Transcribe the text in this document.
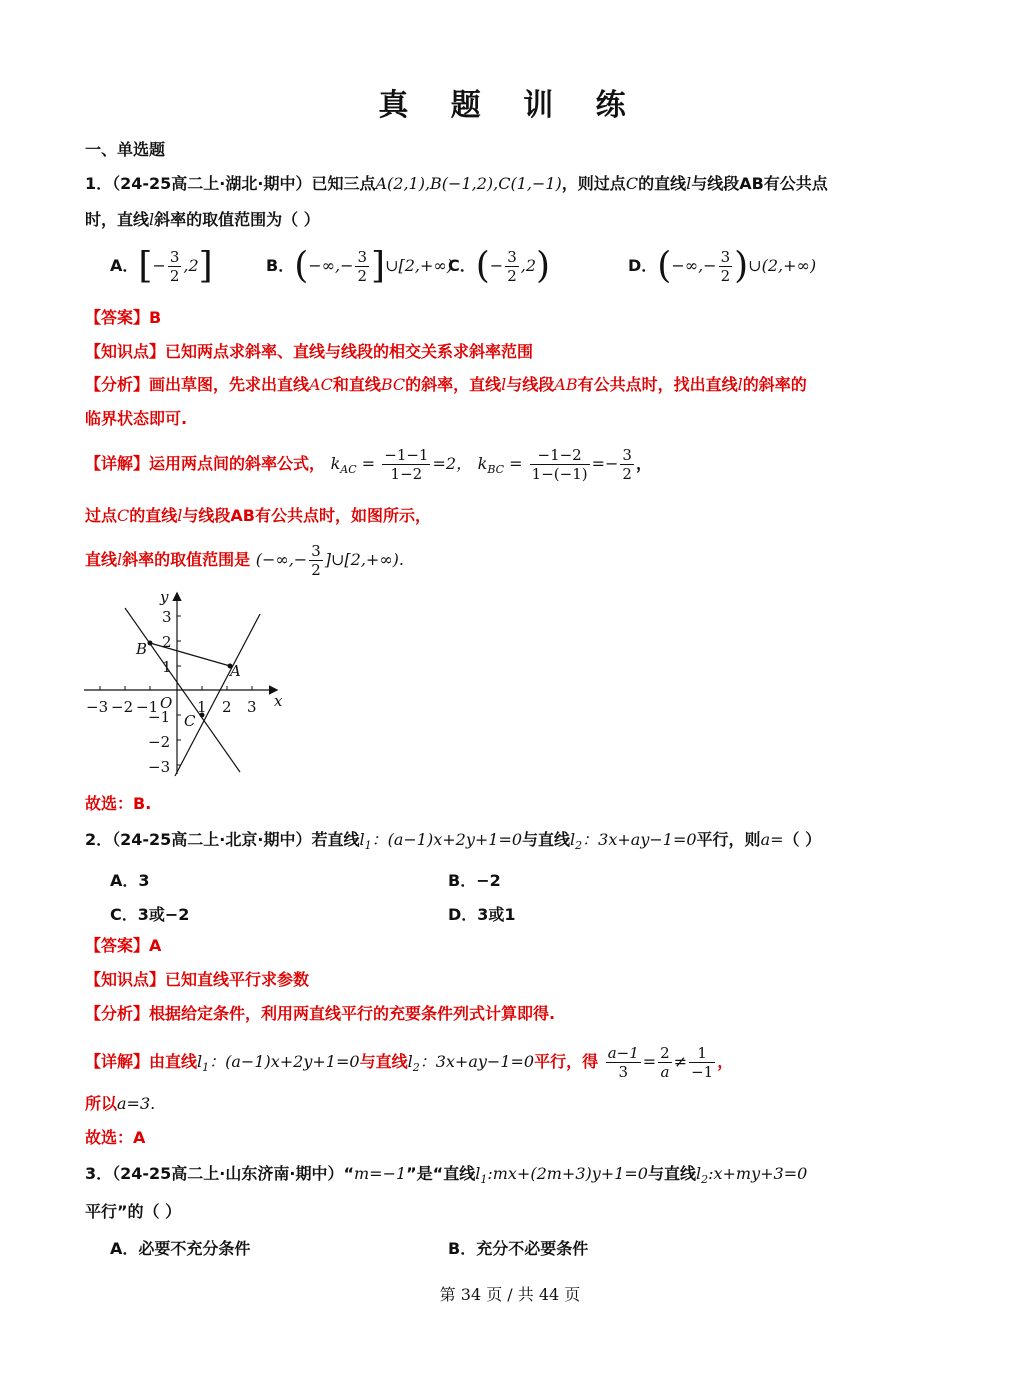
真 题 训 练
一、单选题
1．（24-25高二上·湖北·期中）已知三点A(2,1),B(−1,2),C(1,−1)，则过点C的直线l与线段AB有公共点
时，直线l斜率的取值范围为（ ）
A．[− $\frac{3}{2} ,2$]	B．(−∞,− $\frac{3}{2}$ ]∪[2,+∞)
C．(− $\frac{3}{2} ,2$)	D．(−∞,− $\frac{3}{2}$ )∪(2,+∞)
【答案】B
【知识点】已知两点求斜率、直线与线段的相交关系求斜率范围
【分析】画出草图，先求出直线AC和直线BC的斜率，直线l与线段AB有公共点时，找出直线l的斜率的
临界状态即可.
【详解】运用两点间的斜率公式， $k_{AC} = \frac{-1-1}{1-2} =2$， $k_{BC} = \frac{-1-2}{1-(-1)} =- \frac{3}{2}$ ，
过点C的直线l与线段AB有公共点时，如图所示，
直线l斜率的取值范围是 (−∞,− $\frac{3}{2}$ ]∪[2,+∞).
x
y
O
−3 −2 −1	1 2 3
3
2
1
−1
−2
−3
B
A
C
故选：B.
2．（24-25高二上·北京·期中）若直线$l_1$：(a−1)x+2y+1=0与直线$l_2$：3x+ay−1=0平行，则a=（ ）
A．3	B．−2
C．3或−2	D．3或1
【答案】A
【知识点】已知直线平行求参数
【分析】根据给定条件，利用两直线平行的充要条件列式计算即得.
【详解】由直线$l_1$：(a−1)x+2y+1=0与直线$l_2$：3x+ay−1=0平行，得 $\frac{a-1}{3} = \frac{2}{a} \ne \frac{1}{-1}$ ，
所以a=3.
故选：A
3．（24-25高二上·山东济南·期中）“m=−1”是“直线$l_1:mx+(2m+3)y+1=0$与直线$l_2:x+my+3=0$
平行”的（ ）
A．必要不充分条件	B．充分不必要条件
第 34 页 / 共 44 页
